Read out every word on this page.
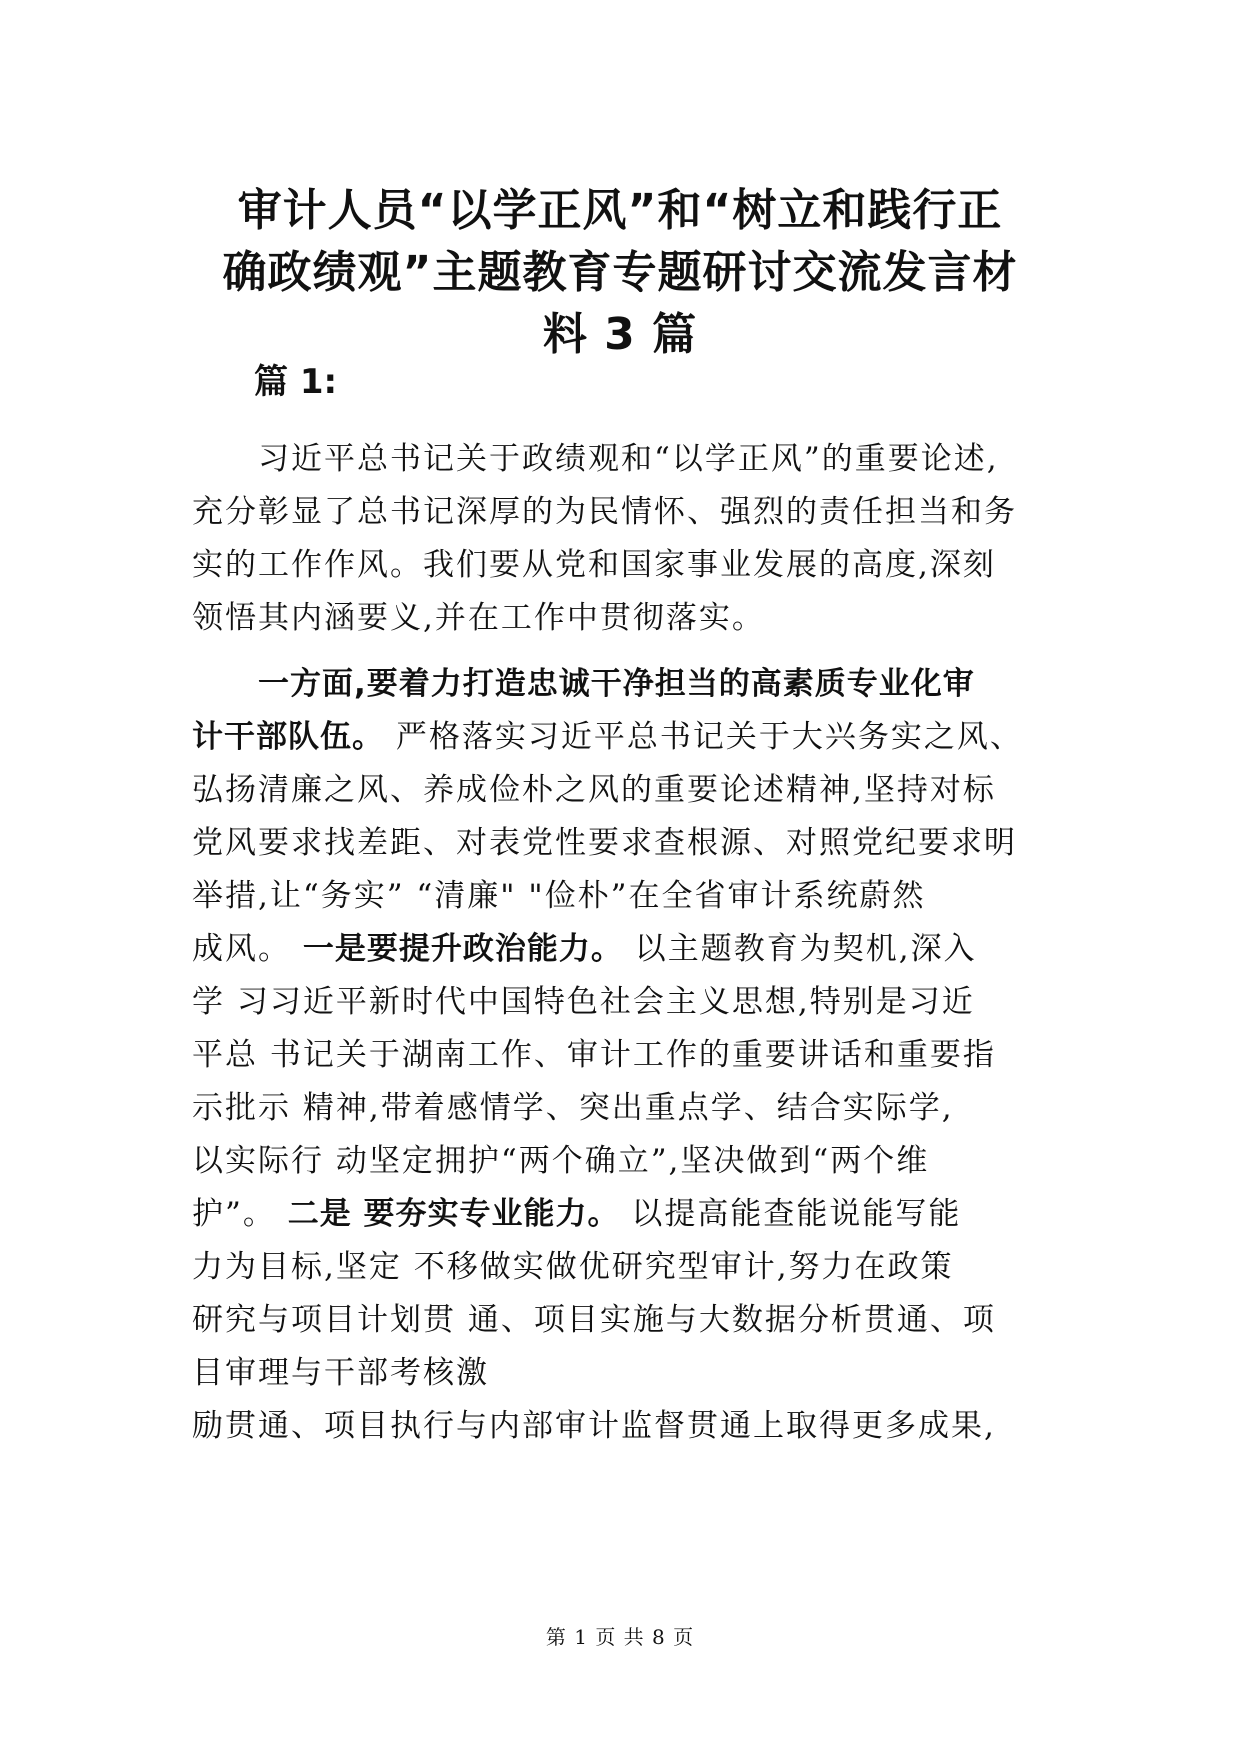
审计人员“以学正风”和“树立和践行正
确政绩观”主题教育专题研讨交流发言材
料 3 篇
篇 1:
习近平总书记关于政绩观和“以学正风”的重要论述,
充分彰显了总书记深厚的为民情怀、强烈的责任担当和务
实的工作作风。我们要从党和国家事业发展的高度,深刻
领悟其内涵要义,并在工作中贯彻落实。
一方面,要着力打造忠诚干净担当的高素质专业化审
计干部队伍。 严格落实习近平总书记关于大兴务实之风、
弘扬清廉之风、养成俭朴之风的重要论述精神,坚持对标
党风要求找差距、对表党性要求查根源、对照党纪要求明
举措,让“务实” “清廉" "俭朴”在全省审计系统蔚然
成风。 一是要提升政治能力。 以主题教育为契机,深入
学 习习近平新时代中国特色社会主义思想,特别是习近
平总 书记关于湖南工作、审计工作的重要讲话和重要指
示批示 精神,带着感情学、突出重点学、结合实际学,
以实际行 动坚定拥护“两个确立”,坚决做到“两个维
护”。 二是 要夯实专业能力。 以提高能查能说能写能
力为目标,坚定 不移做实做优研究型审计,努力在政策
研究与项目计划贯 通、项目实施与大数据分析贯通、项
目审理与干部考核激
励贯通、项目执行与内部审计监督贯通上取得更多成果,
第 1 页 共 8 页
